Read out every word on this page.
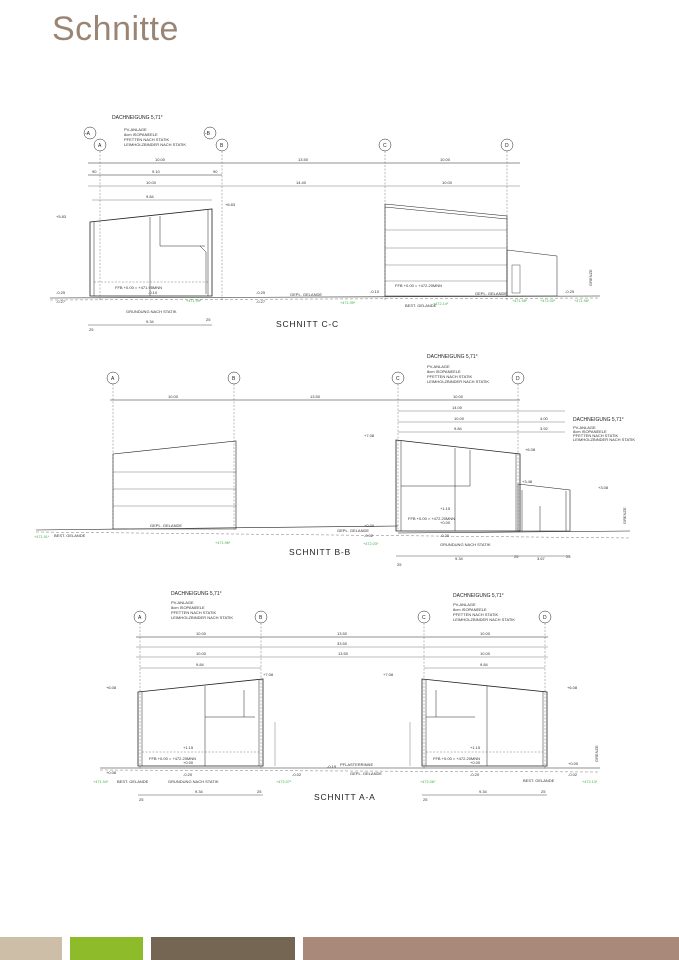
Schnitte
DACHNEIGUNG 5,71°
PV-ANLAGE
8cm ISOPANEELE
PFETTEN NACH STATIK
LEIMHOLZBINDER NACH STATIK
-A
A
-B
B	C	D
10.00	13.50	10.00
90	9.10	90
10.00	14.40	10.00
9.84
+5.83
+6.83
-0.25
-0.27
-0.10	-0.25
-0.27
-0.10	-0.25
FFB +0.00 = +471.95MNN	FFB +0.00 = +472.20MNN
GEPL. GELANDE	GEPL. GELANDE
BEST. GELANDE
GRUNDUNG NACH STATIK
GRENZE
+471.99*	+471.99*	+472.14*
+471.98*	+472.00*	+471.96*
25
9.34	25	SCHNITT C-C
DACHNEIGUNG 5,71°
PV-ANLAGE
8cm ISOPANEELE
PFETTEN NACH STATIK
LEIMHOLZBINDER NACH STATIK
DACHNEIGUNG 5,71°
PV-ANLAGE
8cm ISOPANEELE
PFETTEN NACH STATIK
LEIMHOLZBINDER NACH STATIK
A	B	C	D
10.00	13.50	10.00
14.00
10.00	4.00
9.84	3.92
+7.08
+6.08
+3.48
+3.08
+1.15
+0.00
-0.20
-0.02
+0.00
FFB +0.00 = +472.20MNN
GEPL. GELANDE
GEPL. GELANDE
BEST. GELANDE
GRUNDUNG NACH STATIK
GRENZE
+471.91*
+471.96*	+472.03*
25
9.34	25	3.67	25
SCHNITT B-B
DACHNEIGUNG 5,71°
PV-ANLAGE
8cm ISOPANEELE
PFETTEN NACH STATIK
LEIMHOLZBINDER NACH STATIK
DACHNEIGUNG 5,71°
PV-ANLAGE
8cm ISOPANEELE
PFETTEN NACH STATIK
LEIMHOLZBINDER NACH STATIK
A	B	C	D
10.00	13.50	10.00
33.50
10.00	13.50	10.00
9.84	9.84
+6.08
+7.08	+7.08
+6.08
+1.15	+1.15
+0.00	+0.00
-0.20	-0.20
-0.02	-0.02
+0.08
+0.00
-0.19
FFB +0.00 = +472.20MNN	FFB +0.00 = +472.20MNN
GEPL. GELANDE
BEST. GELANDE	BEST. GELANDE
PFLASTERRINNE
GRUNDUNG NACH STATIK
GRENZE
+471.94*	+472.07*	+472.06*	+472.13*
25
9.34	25
25
9.34	25
SCHNITT A-A
